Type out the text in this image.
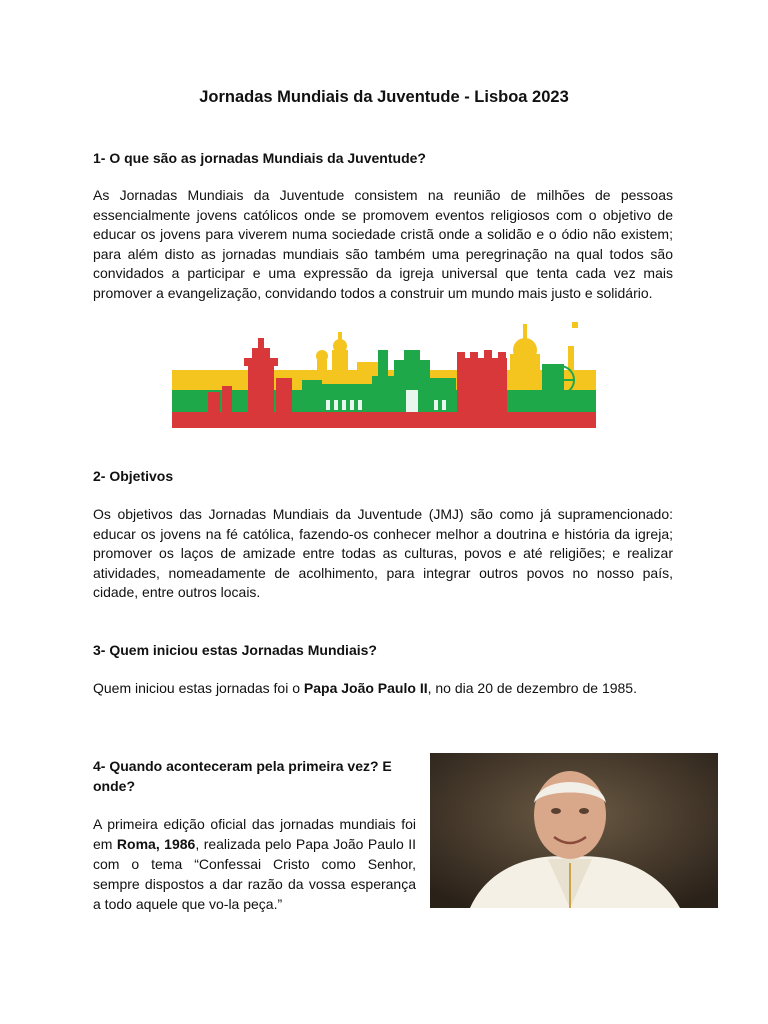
Jornadas Mundiais da Juventude - Lisboa 2023
1- O que são as jornadas Mundiais da Juventude?
As Jornadas Mundiais da Juventude consistem na reunião de milhões de pessoas essencialmente jovens católicos onde se promovem eventos religiosos com o objetivo de educar os jovens para viverem numa sociedade cristã onde a solidão e o ódio não existem; para além disto as jornadas mundiais são também uma peregrinação na qual todos são convidados a participar e uma expressão da igreja universal que tenta cada vez mais promover a evangelização, convidando todos a construir um mundo mais justo e solidário.
2- Objetivos
Os objetivos das Jornadas Mundiais da Juventude (JMJ) são como já supramencionado: educar os jovens na fé católica, fazendo-os conhecer melhor a doutrina e história da igreja; promover os laços de amizade entre todas as culturas, povos e até religiões; e realizar atividades, nomeadamente de acolhimento, para integrar outros povos no nosso país, cidade, entre outros locais.
3- Quem iniciou estas Jornadas Mundiais?
Quem iniciou estas jornadas foi o Papa João Paulo II, no dia 20 de dezembro de 1985.
4- Quando aconteceram pela primeira vez? E onde?
A primeira edição oficial das jornadas mundiais foi em Roma, 1986, realizada pelo Papa João Paulo II com o tema “Confessai Cristo como Senhor, sempre dispostos a dar razão da vossa esperança a todo aquele que vo-la peça.”
